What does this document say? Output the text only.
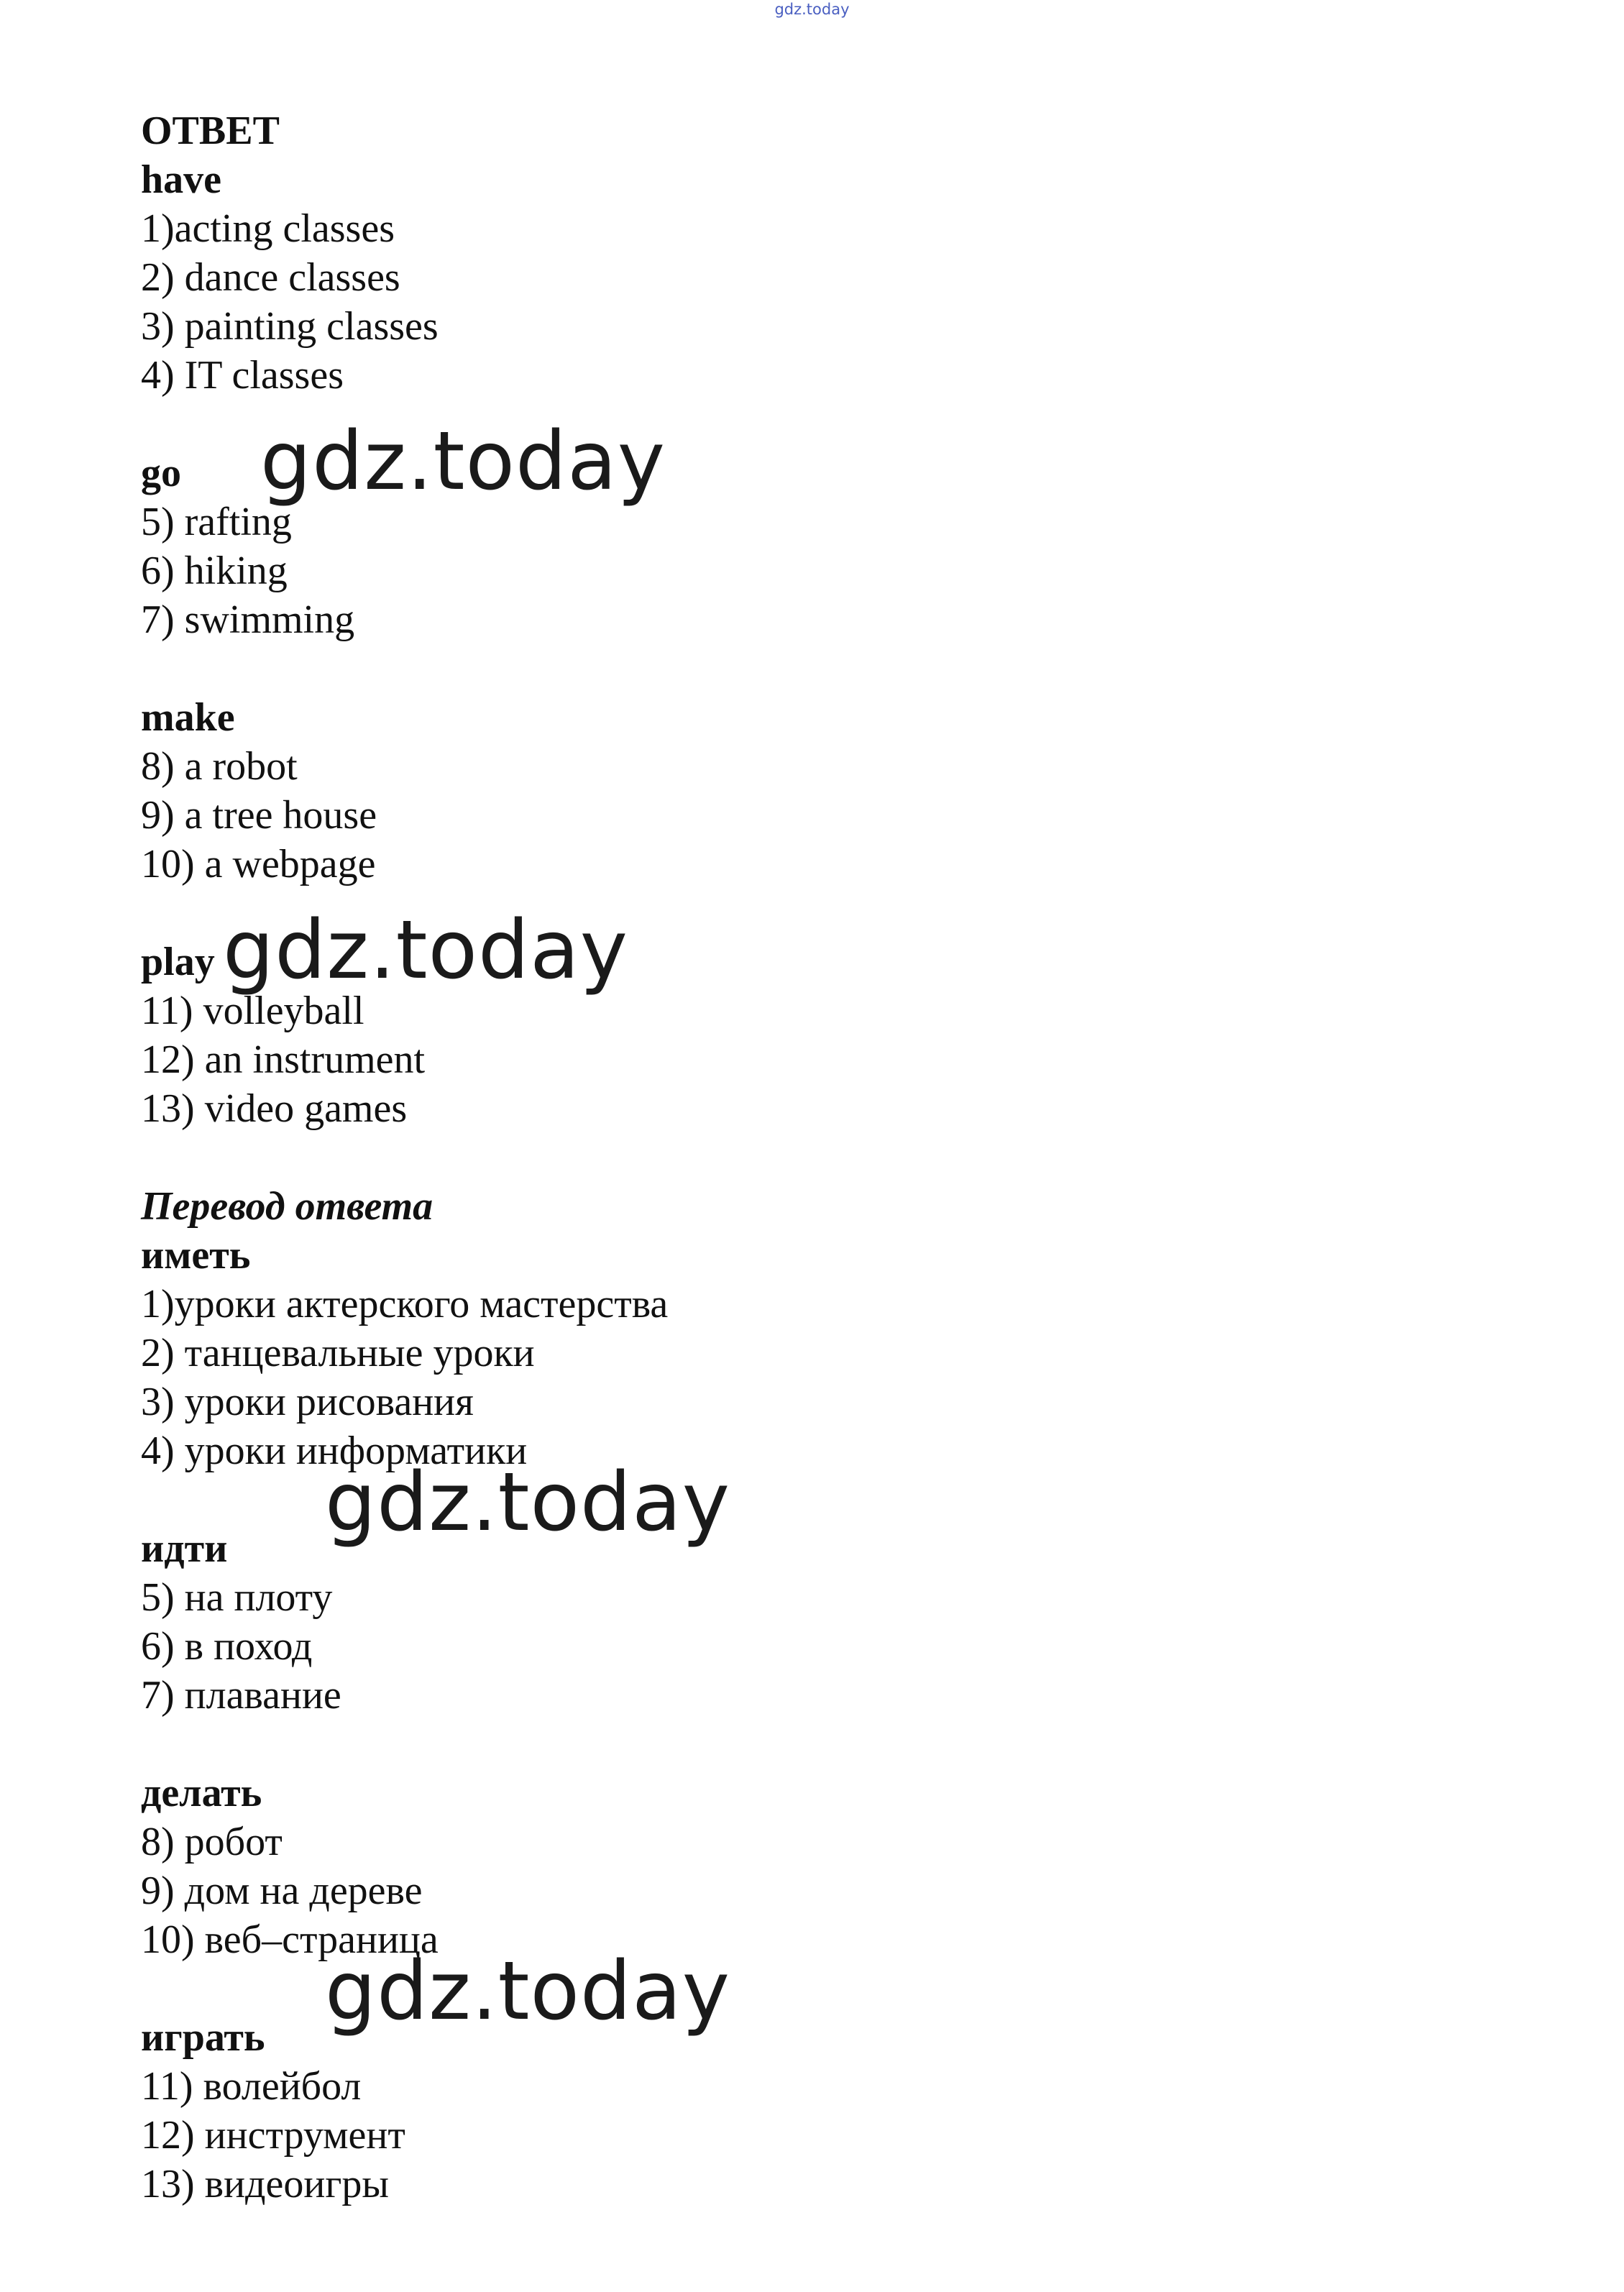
gdz.today
ОТВЕТ
have
1)acting classes
2) dance classes
3) painting classes
4) IT classes
go gdz.today
5) rafting
6) hiking
7) swimming
make
8) a robot
9) a tree house
10) a webpage
play gdz.today
11) volleyball
12) an instrument
13) video games
Перевод ответа
иметь
1)уроки актерского мастерства
2) танцевальные уроки
3) уроки рисования
4) уроки информатики
gdz.today
идти
5) на плоту
6) в поход
7) плавание
делать
8) робот
9) дом на дереве
10) веб–страница
gdz.today
играть
11) волейбол
12) инструмент
13) видеоигры
